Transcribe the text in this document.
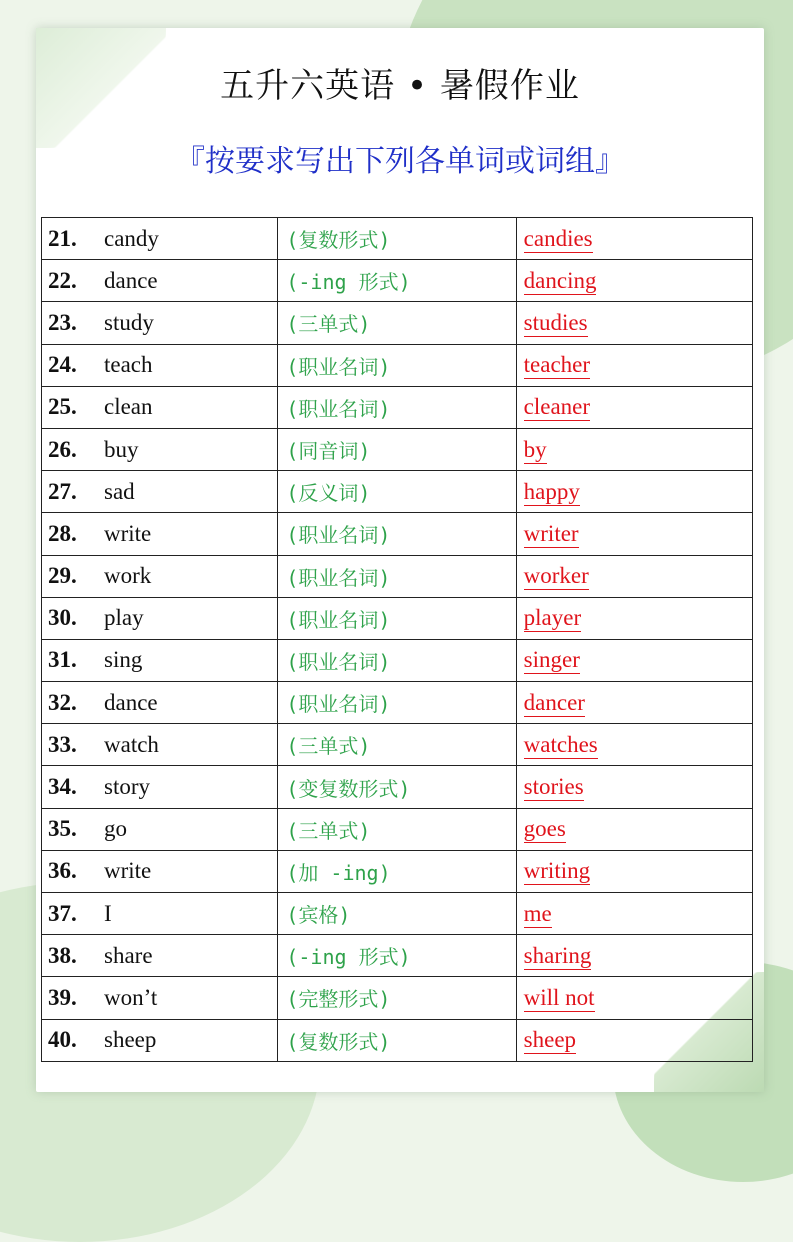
五升六英语 • 暑假作业
『按要求写出下列各单词或词组』
21. candy	(复数形式)	candies
22. dance	(-ing 形式)	dancing
23. study	(三单式)	studies
24. teach	(职业名词)	teacher
25. clean	(职业名词)	cleaner
26. buy	(同音词)	by
27. sad	(反义词)	happy
28. write	(职业名词)	writer
29. work	(职业名词)	worker
30. play	(职业名词)	player
31. sing	(职业名词)	singer
32. dance	(职业名词)	dancer
33. watch	(三单式)	watches
34. story	(变复数形式)	stories
35. go	(三单式)	goes
36. write	(加 -ing)	writing
37. I	(宾格)	me
38. share	(-ing 形式)	sharing
39. won’t	(完整形式)	will not
40. sheep	(复数形式)	sheep
